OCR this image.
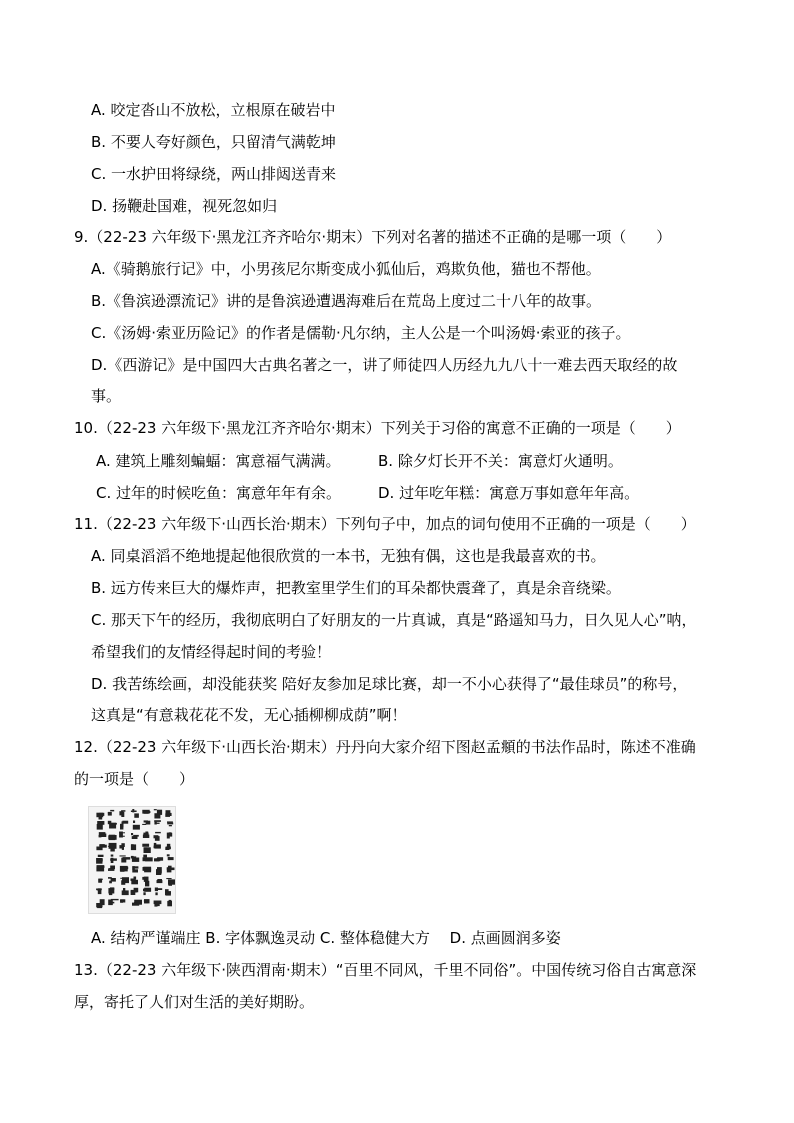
A. 咬定沓山不放松，立根原在破岩中
B. 不要人夸好颜色，只留清气满乾坤
C. 一水护田将绿绕，两山排闼送青来
D. 扬鞭赴国难，视死忽如归
9.（22-23 六年级下·黑龙江齐齐哈尔·期末）下列对名著的描述不正确的是哪一项（　　）
A.《骑鹅旅行记》中，小男孩尼尔斯变成小狐仙后，鸡欺负他，猫也不帮他。
B.《鲁滨逊漂流记》讲的是鲁滨逊遭遇海难后在荒岛上度过二十八年的故事。
C.《汤姆·索亚历险记》的作者是儒勒·凡尔纳，主人公是一个叫汤姆·索亚的孩子。
D.《西游记》是中国四大古典名著之一，讲了师徒四人历经九九八十一难去西天取经的故
事。
10.（22-23 六年级下·黑龙江齐齐哈尔·期末）下列关于习俗的寓意不正确的一项是（　　）
A. 建筑上雕刻蝙蝠：寓意福气满满。 B. 除夕灯长开不关：寓意灯火通明。
C. 过年的时候吃鱼：寓意年年有余。 D. 过年吃年糕：寓意万事如意年年高。
11.（22-23 六年级下·山西长治·期末）下列句子中，加点的词句使用不正确的一项是（　　）
A. 同桌滔滔不绝地提起他很欣赏的一本书，无独有偶，这也是我最喜欢的书。
B. 远方传来巨大的爆炸声，把教室里学生们的耳朵都快震聋了，真是余音绕梁。
C. 那天下午的经历，我彻底明白了好朋友的一片真诚，真是“路遥知马力，日久见人心”呐，
希望我们的友情经得起时间的考验！
D. 我苦练绘画，却没能获奖 陪好友参加足球比赛，却一不小心获得了“最佳球员”的称号，
这真是“有意栽花花不发，无心插柳柳成荫”啊！
12.（22-23 六年级下·山西长治·期末）丹丹向大家介绍下图赵孟頫的书法作品时，陈述不准确
的一项是（　　）
A. 结构严谨端庄 B. 字体飘逸灵动 C. 整体稳健大方　 D. 点画圆润多姿
13.（22-23 六年级下·陕西渭南·期末）“百里不同风，千里不同俗”。中国传统习俗自古寓意深
厚，寄托了人们对生活的美好期盼。
